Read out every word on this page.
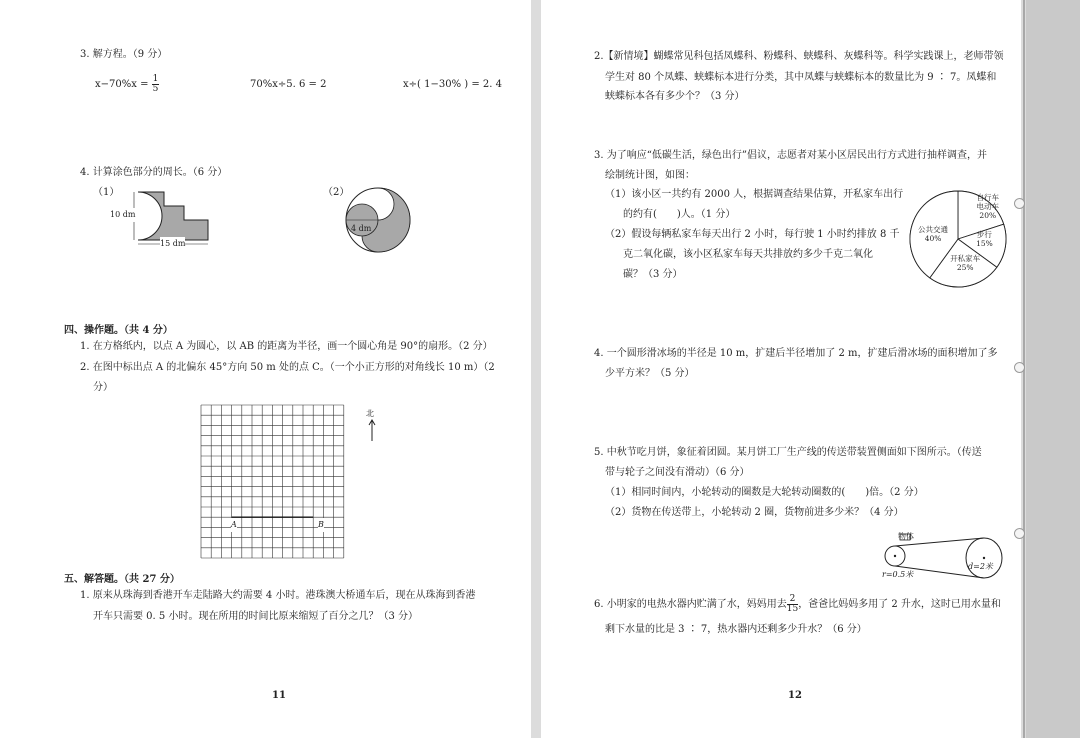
3. 解方程。（9 分）
$x-70\%x = \frac{1}{5}$	70%x÷5. 6 = 2	x÷( 1−30% ) = 2. 4
4. 计算涂色部分的周长。（6 分）
（1）	（2）
10 dm
15 dm
4 dm
四、操作题。（共 4 分）
1. 在方格纸内，以点 A 为圆心，以 AB 的距离为半径，画一个圆心角是 90°的扇形。（2 分）
2. 在图中标出点 A 的北偏东 45°方向 50 m 处的点 C。（一个小正方形的对角线长 10 m）（2
分）
北
A	B
五、解答题。（共 27 分）
1. 原来从珠海到香港开车走陆路大约需要 4 小时。港珠澳大桥通车后，现在从珠海到香港
开车只需要 0. 5 小时。现在所用的时间比原来缩短了百分之几？（3 分）
11
2.【新情境】蝴蝶常见科包括凤蝶科、粉蝶科、蛱蝶科、灰蝶科等。科学实践课上，老师带领
学生对 80 个凤蝶、蛱蝶标本进行分类，其中凤蝶与蛱蝶标本的数量比为 9 ∶ 7。凤蝶和
蛱蝶标本各有多少个？（3 分）
3. 为了响应“低碳生活，绿色出行”倡议，志愿者对某小区居民出行方式进行抽样调查，并
绘制统计图，如图：
（1）该小区一共约有 2000 人，根据调查结果估算，开私家车出行
的约有(　　)人。（1 分）
（2）假设每辆私家车每天出行 2 小时，每行驶 1 小时约排放 8 千
克二氧化碳，该小区私家车每天共排放约多少千克二氧化
碳？（3 分）
自行车电动车 20%
步行 15%
开私家车 25%
公共交通 40%
4. 一个圆形滑冰场的半径是 10 m，扩建后半径增加了 2 m，扩建后滑冰场的面积增加了多
少平方米？（5 分）
5. 中秋节吃月饼，象征着团圆。某月饼工厂生产线的传送带装置侧面如下图所示。（传送
带与轮子之间没有滑动）（6 分）
（1）相同时间内，小轮转动的圈数是大轮转动圈数的(　　)倍。（2 分）
（2）货物在传送带上，小轮转动 2 圈，货物前进多少米？（4 分）
物体
d=2米
r=0.5米
6. 小明家的电热水器内贮满了水，妈妈用去 $\frac{2}{15}$ ，爸爸比妈妈多用了 2 升水，这时已用水量和
剩下水量的比是 3 ∶ 7，热水器内还剩多少升水？（6 分）
12
